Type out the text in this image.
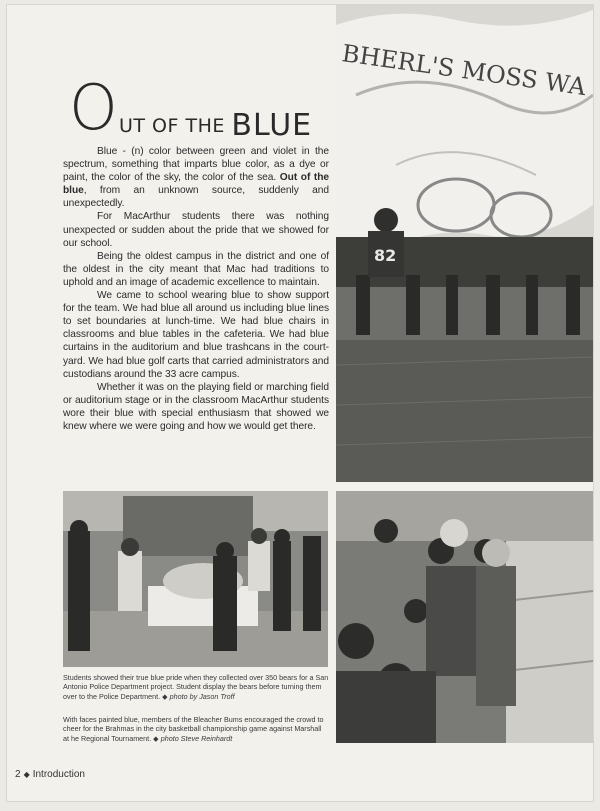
O UT OF THE BLUE

Blue - (n) color between green and violet in the spectrum, something that imparts blue color, as a dye or paint, the color of the sky, the color of the sea. Out of the blue, from an unknown source, suddenly and unexpectedly.

For MacArthur students there was nothing unexpected or sudden about the pride that we showed for our school.

Being the oldest campus in the district and one of the oldest in the city meant that Mac had traditions to uphold and an image of academic excellence to maintain.

We came to school wearing blue to show support for the team. We had blue all around us including blue lines to set boundaries at lunch-time. We had blue chairs in classrooms and blue tables in the cafeteria. We had blue curtains in the auditorium and blue trashcans in the court-yard. We had blue golf carts that carried administrators and custodians around the 33 acre campus.

Whether it was on the playing field or marching field or auditorium stage or in the classroom MacArthur students wore their blue with special enthusiasm that showed we knew where we were going and how we would get there.

BHERL'S MOSS WA
82
Students showed their true blue pride when they collected over 350 bears for a San Antonio Police Department project. Student display the bears before turning them over to the Police Department. ◆ photo by Jason Troff
With faces painted blue, members of the Bleacher Bums encouraged the crowd to cheer for the Brahmas in the city basketball championship game against Marshall at he Regional Tournament. ◆ photo Steve Reinhardt
2 ◆ Introduction
